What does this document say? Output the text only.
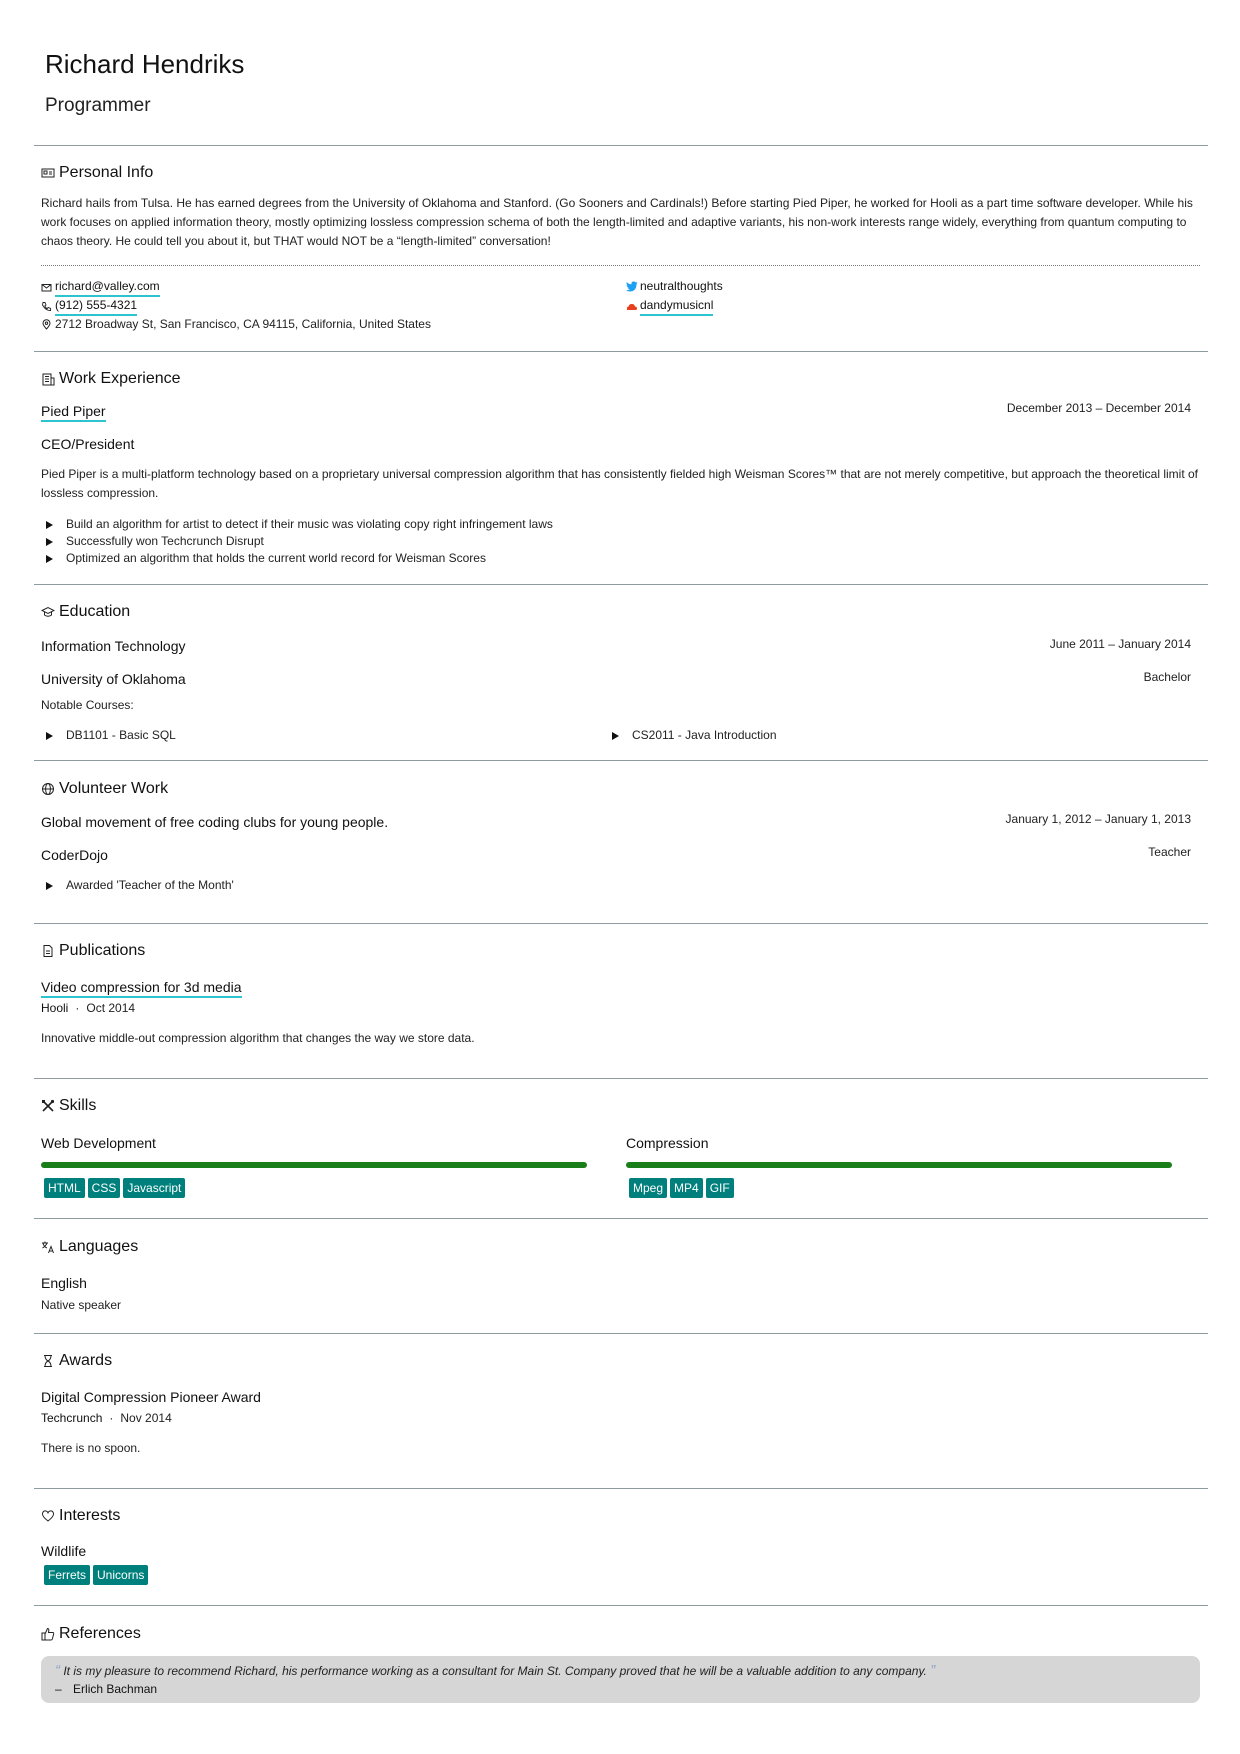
Richard Hendriks
Programmer
Personal Info
Richard hails from Tulsa. He has earned degrees from the University of Oklahoma and Stanford. (Go Sooners and Cardinals!) Before starting Pied Piper, he worked for Hooli as a part time software developer. While his work focuses on applied information theory, mostly optimizing lossless compression schema of both the length-limited and adaptive variants, his non-work interests range widely, everything from quantum computing to chaos theory. He could tell you about it, but THAT would NOT be a “length-limited” conversation!
richard@valley.com
(912) 555-4321
2712 Broadway St, San Francisco, CA 94115, California, United States
neutralthoughts
dandymusicnl
Work Experience
Pied Piper	December 2013 – December 2014
CEO/President
Pied Piper is a multi-platform technology based on a proprietary universal compression algorithm that has consistently fielded high Weisman Scores™ that are not merely competitive, but approach the theoretical limit of lossless compression.
Build an algorithm for artist to detect if their music was violating copy right infringement laws
Successfully won Techcrunch Disrupt
Optimized an algorithm that holds the current world record for Weisman Scores
Education
Information Technology	June 2011 – January 2014
University of Oklahoma	Bachelor
Notable Courses:
DB1101 - Basic SQL	CS2011 - Java Introduction
Volunteer Work
Global movement of free coding clubs for young people.	January 1, 2012 – January 1, 2013
CoderDojo	Teacher
Awarded 'Teacher of the Month'
Publications
Video compression for 3d media
Hooli · Oct 2014
Innovative middle-out compression algorithm that changes the way we store data.
Skills
Web Development
HTML CSS Javascript
Compression
Mpeg MP4 GIF
Languages
English
Native speaker
Awards
Digital Compression Pioneer Award
Techcrunch · Nov 2014
There is no spoon.
Interests
Wildlife
Ferrets Unicorns
References
“ It is my pleasure to recommend Richard, his performance working as a consultant for Main St. Company proved that he will be a valuable addition to any company. ”
– Erlich Bachman
